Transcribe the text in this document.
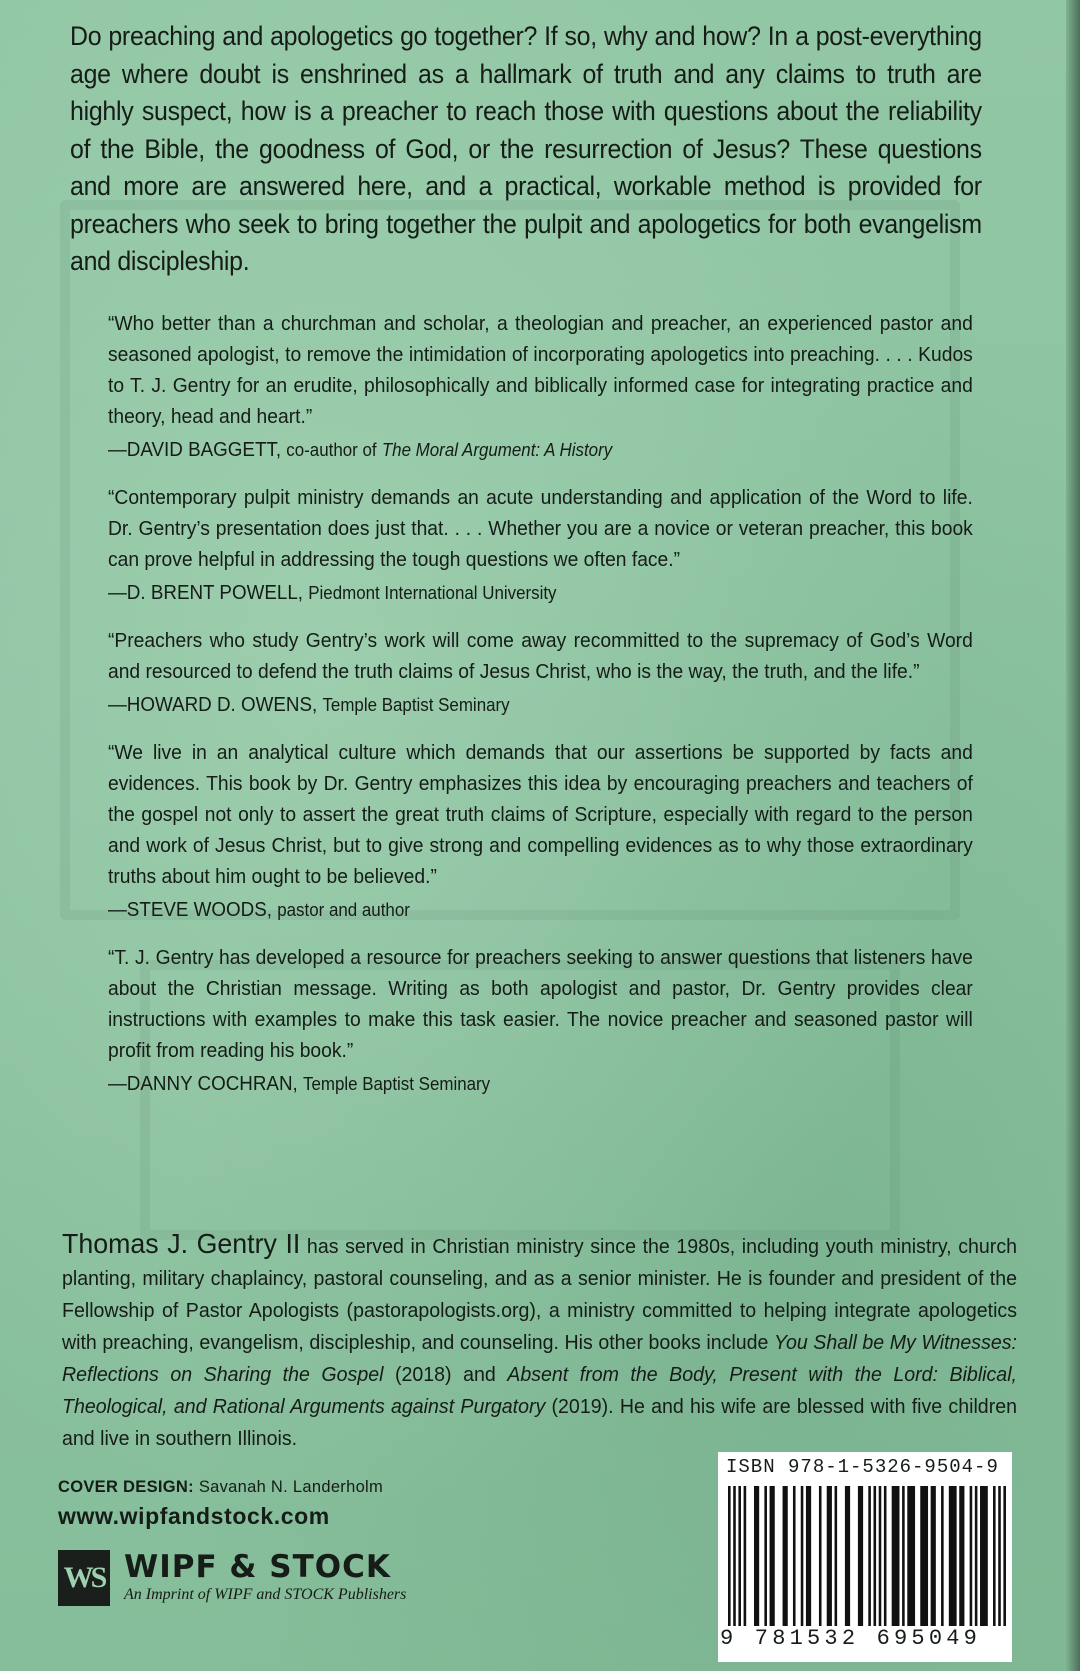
Do preaching and apologetics go together? If so, why and how? In a post-everything age where doubt is enshrined as a hallmark of truth and any claims to truth are highly suspect, how is a preacher to reach those with questions about the reliability of the Bible, the goodness of God, or the resurrection of Jesus? These questions and more are answered here, and a practical, workable method is provided for preachers who seek to bring together the pulpit and apologetics for both evangelism and discipleship.

“Who better than a churchman and scholar, a theologian and preacher, an experienced pastor and seasoned apologist, to remove the intimidation of incorporating apologetics into preaching. . . . Kudos to T. J. Gentry for an erudite, philosophically and biblically informed case for integrating practice and theory, head and heart.”

—DAVID BAGGETT, co-author of The Moral Argument: A History

“Contemporary pulpit ministry demands an acute understanding and application of the Word to life. Dr. Gentry’s presentation does just that. . . . Whether you are a novice or veteran preacher, this book can prove helpful in addressing the tough questions we often face.”

—D. BRENT POWELL, Piedmont International University

“Preachers who study Gentry’s work will come away recommitted to the supremacy of God’s Word and resourced to defend the truth claims of Jesus Christ, who is the way, the truth, and the life.”

—HOWARD D. OWENS, Temple Baptist Seminary

“We live in an analytical culture which demands that our assertions be supported by facts and evidences. This book by Dr. Gentry emphasizes this idea by encouraging preachers and teachers of the gospel not only to assert the great truth claims of Scripture, especially with regard to the person and work of Jesus Christ, but to give strong and compelling evidences as to why those extraordinary truths about him ought to be believed.”

—STEVE WOODS, pastor and author

“T. J. Gentry has developed a resource for preachers seeking to answer questions that listeners have about the Christian message. Writing as both apologist and pastor, Dr. Gentry provides clear instructions with examples to make this task easier. The novice preacher and seasoned pastor will profit from reading his book.”

—DANNY COCHRAN, Temple Baptist Seminary

Thomas J. Gentry II has served in Christian ministry since the 1980s, including youth ministry, church planting, military chaplaincy, pastoral counseling, and as a senior minister. He is founder and president of the Fellowship of Pastor Apologists (pastorapologists.org), a ministry committed to helping integrate apologetics with preaching, evangelism, discipleship, and counseling. His other books include You Shall be My Witnesses: Reflections on Sharing the Gospel (2018) and Absent from the Body, Present with the Lord: Biblical, Theological, and Rational Arguments against Purgatory (2019). He and his wife are blessed with five children and live in southern Illinois.

COVER DESIGN: Savanah N. Landerholm
www.wipfandstock.com
WS WIPF & STOCK
An Imprint of WIPF and STOCK Publishers
ISBN 978-1-5326-9504-9
9 781532 695049
